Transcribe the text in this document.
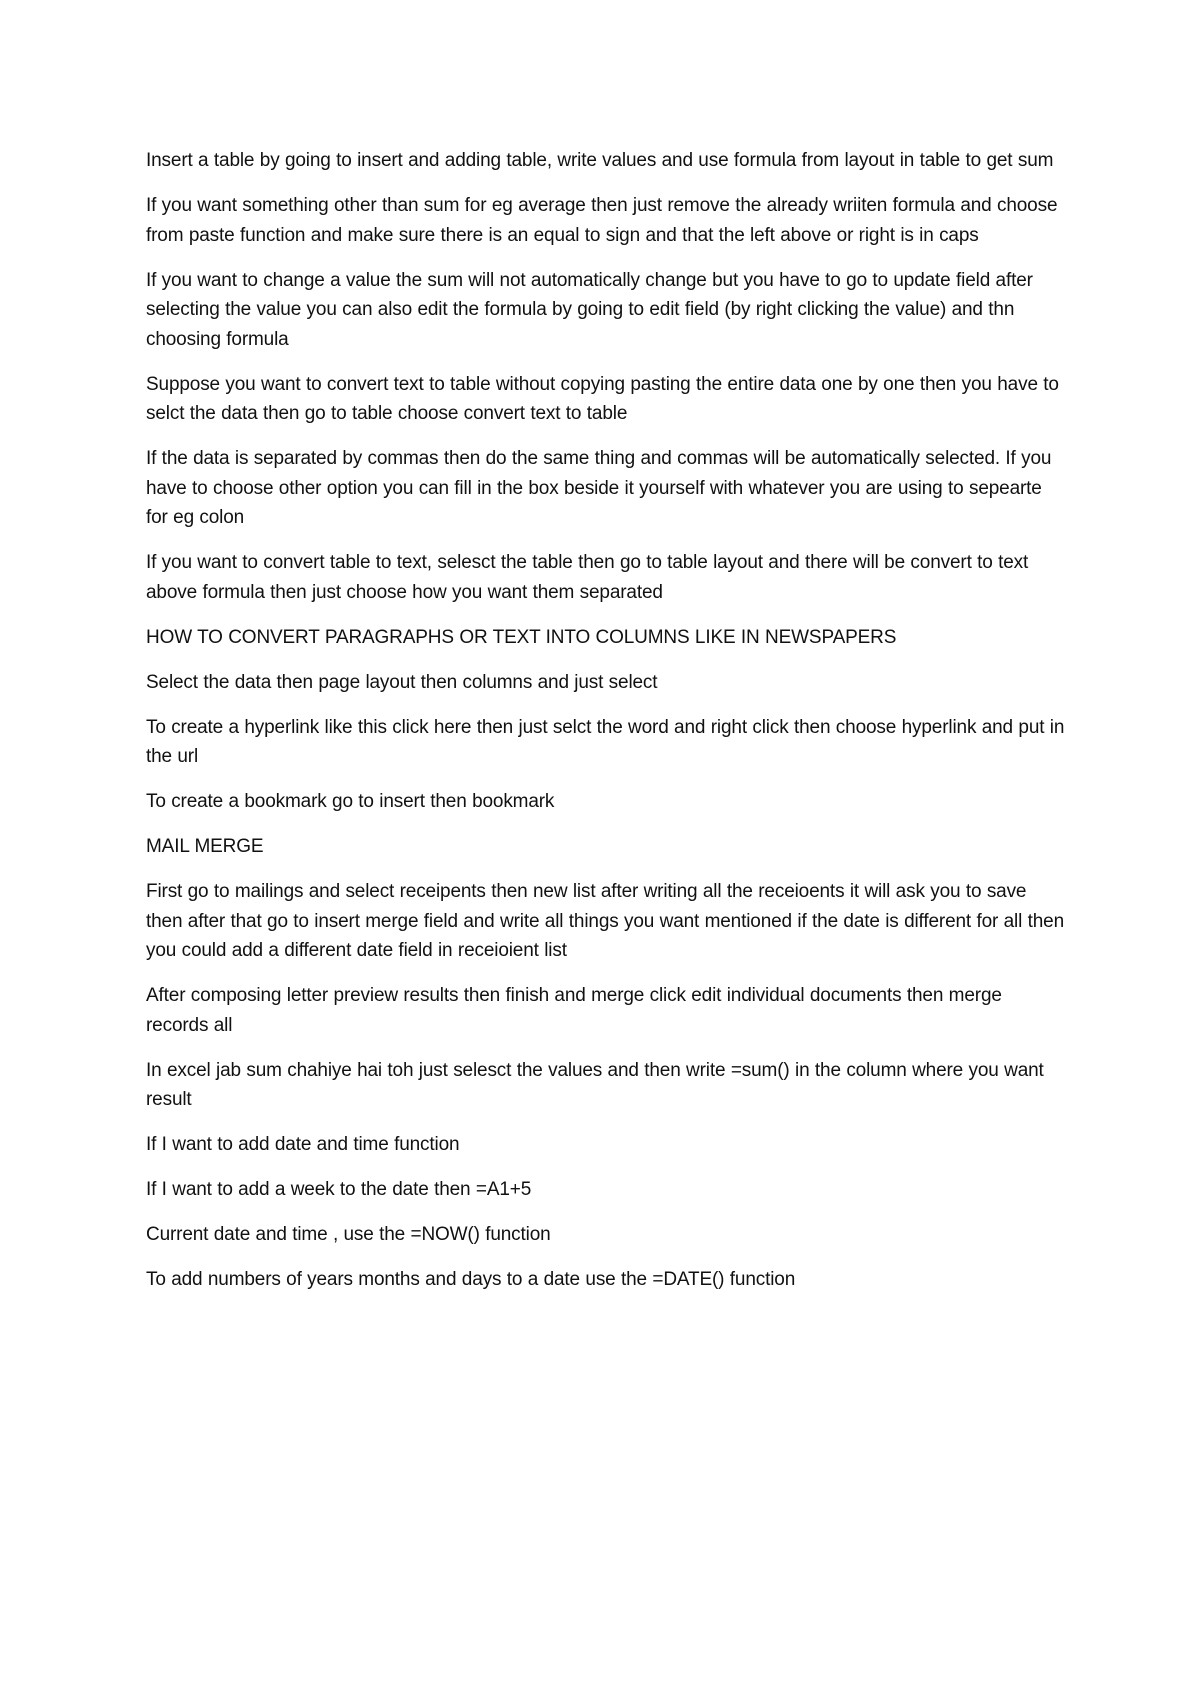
Insert a table by going to insert and adding table, write values and use formula from layout in table to get sum

If you want something other than sum for eg average then just remove the already wriiten formula and choose from paste function and make sure there is an equal to sign and that the left above or right is in caps

If you want to change a value the sum will not automatically change but you have to go to update field after selecting the value you can also edit the formula by going to edit field (by right clicking the value) and thn choosing formula

Suppose you want to convert text to table without copying pasting the entire data one by one then you have to selct the data then go to table choose convert text to table

If the data is separated by commas then do the same thing and commas will be automatically selected. If you have to choose other option you can fill in the box beside it yourself with whatever you are using to sepearte for eg colon

If you want to convert table to text, selesct the table then go to table layout and there will be convert to text above formula then just choose how you want them separated

HOW TO CONVERT PARAGRAPHS OR TEXT INTO COLUMNS LIKE IN NEWSPAPERS

Select the data then page layout then columns and just select

To create a hyperlink like this click here then just selct the word and right click then choose hyperlink and put in the url

To create a bookmark go to insert then bookmark

MAIL MERGE

First go to mailings and select receipents then new list after writing all the receioents it will ask you to save then after that go to insert merge field and write all things you want mentioned if the date is different for all then you could add a different date field in receioient list

After composing letter preview results then finish and merge click edit individual documents then merge records all

In excel jab sum chahiye hai toh just selesct the values and then write =sum() in the column where you want result

If I want to add date and time function

If I want to add a week to the date then =A1+5

Current date and time , use the =NOW() function

To add numbers of years months and days to a date use the =DATE() function
